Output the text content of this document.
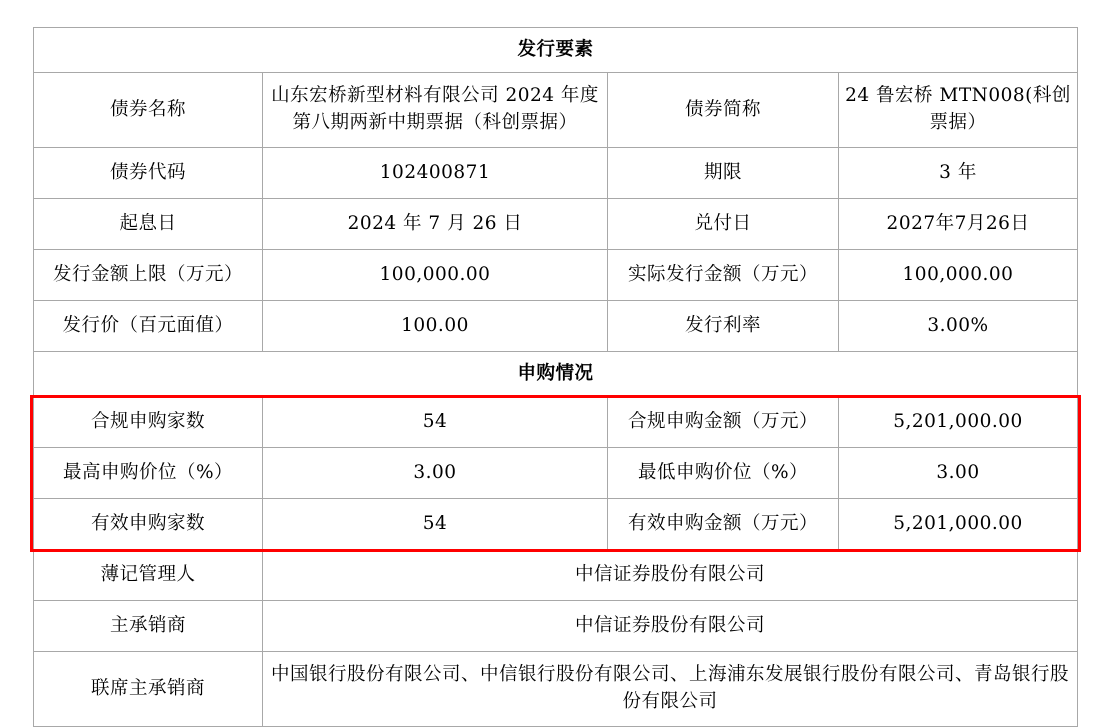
发行要素			
债券名称	山东宏桥新型材料有限公司 2024 年度第八期两新中期票据（科创票据）	债券简称	24 鲁宏桥 MTN008(科创票据）
债券代码	102400871	期限	3 年
起息日	2024 年 7 月 26 日	兑付日	2027年7月26日
发行金额上限（万元）	100,000.00	实际发行金额（万元）	100,000.00
发行价（百元面值）	100.00	发行利率	3.00%
申购情况			
合规申购家数	54	合规申购金额（万元）	5,201,000.00
最高申购价位（%）	3.00	最低申购价位（%）	3.00
有效申购家数	54	有效申购金额（万元）	5,201,000.00
薄记管理人	中信证券股份有限公司		
主承销商	中信证券股份有限公司		
联席主承销商	中国银行股份有限公司、中信银行股份有限公司、上海浦东发展银行股份有限公司、青岛银行股份有限公司		
